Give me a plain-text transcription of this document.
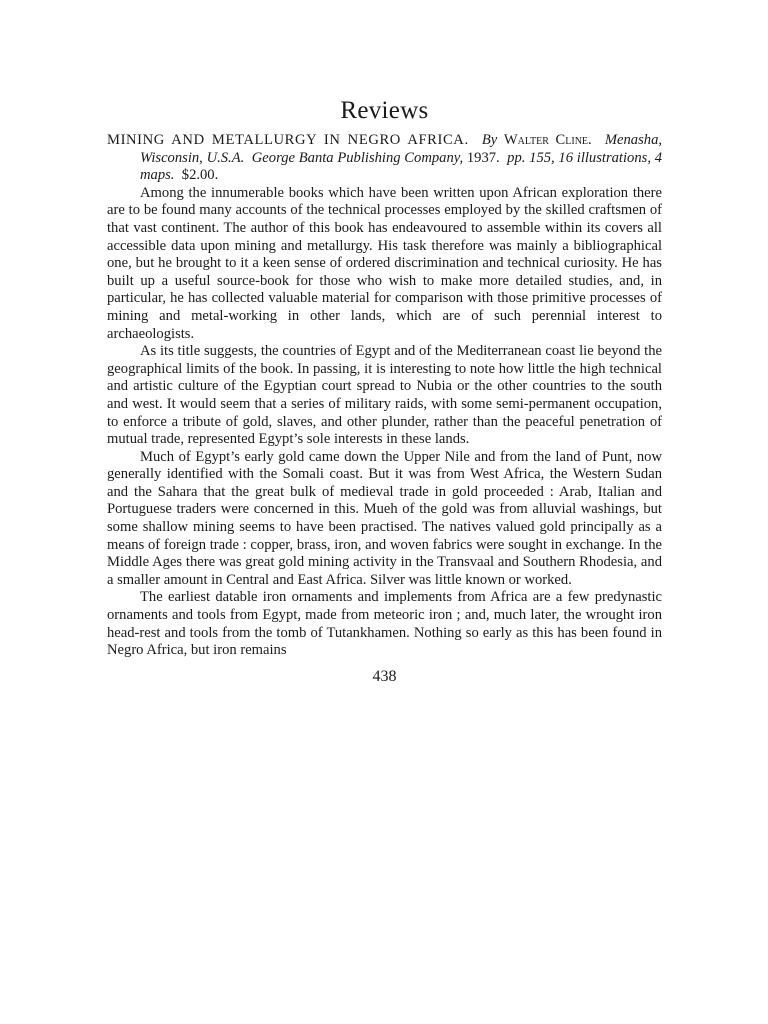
Reviews

MINING AND METALLURGY IN NEGRO AFRICA. By Walter Cline. Menasha, Wisconsin, U.S.A. George Banta Publishing Company, 1937. pp. 155, 16 illustrations, 4 maps. $2.00.

Among the innumerable books which have been written upon African exploration there are to be found many accounts of the technical processes employed by the skilled craftsmen of that vast continent. The author of this book has endeavoured to assemble within its covers all accessible data upon mining and metallurgy. His task therefore was mainly a bibliographical one, but he brought to it a keen sense of ordered discrimination and technical curiosity. He has built up a useful source-book for those who wish to make more detailed studies, and, in particular, he has collected valuable material for comparison with those primitive processes of mining and metal-working in other lands, which are of such perennial interest to archaeologists.

As its title suggests, the countries of Egypt and of the Mediterranean coast lie beyond the geographical limits of the book. In passing, it is interesting to note how little the high technical and artistic culture of the Egyptian court spread to Nubia or the other countries to the south and west. It would seem that a series of military raids, with some semi-permanent occupation, to enforce a tribute of gold, slaves, and other plunder, rather than the peaceful penetration of mutual trade, represented Egypt’s sole interests in these lands.

Much of Egypt’s early gold came down the Upper Nile and from the land of Punt, now generally identified with the Somali coast. But it was from West Africa, the Western Sudan and the Sahara that the great bulk of medieval trade in gold proceeded : Arab, Italian and Portuguese traders were concerned in this. Mueh of the gold was from alluvial washings, but some shallow mining seems to have been practised. The natives valued gold principally as a means of foreign trade : copper, brass, iron, and woven fabrics were sought in exchange. In the Middle Ages there was great gold mining activity in the Transvaal and Southern Rhodesia, and a smaller amount in Central and East Africa. Silver was little known or worked.

The earliest datable iron ornaments and implements from Africa are a few predynastic ornaments and tools from Egypt, made from meteoric iron ; and, much later, the wrought iron head-rest and tools from the tomb of Tutankhamen. Nothing so early as this has been found in Negro Africa, but iron remains

438
